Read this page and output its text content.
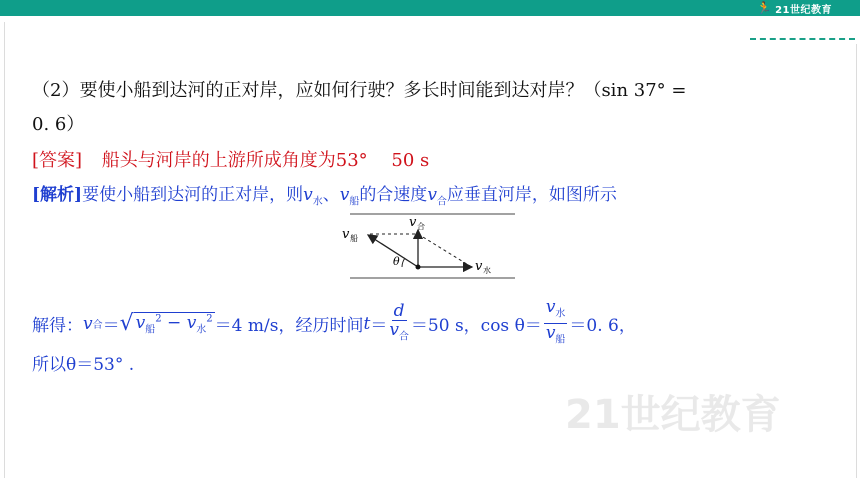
🏃 21世纪教育
（2）要使小船到达河的正对岸，应如何行驶？多长时间能到达对岸？（sin 37° =
0. 6）
[答案] 船头与河岸的上游所成角度为53°　 50 s
[解析]要使小船到达河的正对岸，则$v_水$、$v_船$的合速度$v_合$应垂直河岸，如图所示
v 船
v 合
v 水
θ
解得： v 合 ＝ √ $v_船^2 - v_水^2 =4$ m/s，经历时间 $t = \frac{d}{v_合} =50$ s，$\cos \theta= \frac{v_水}{v_船} =0$. 6，
所以θ＝53° .
21世纪教育
